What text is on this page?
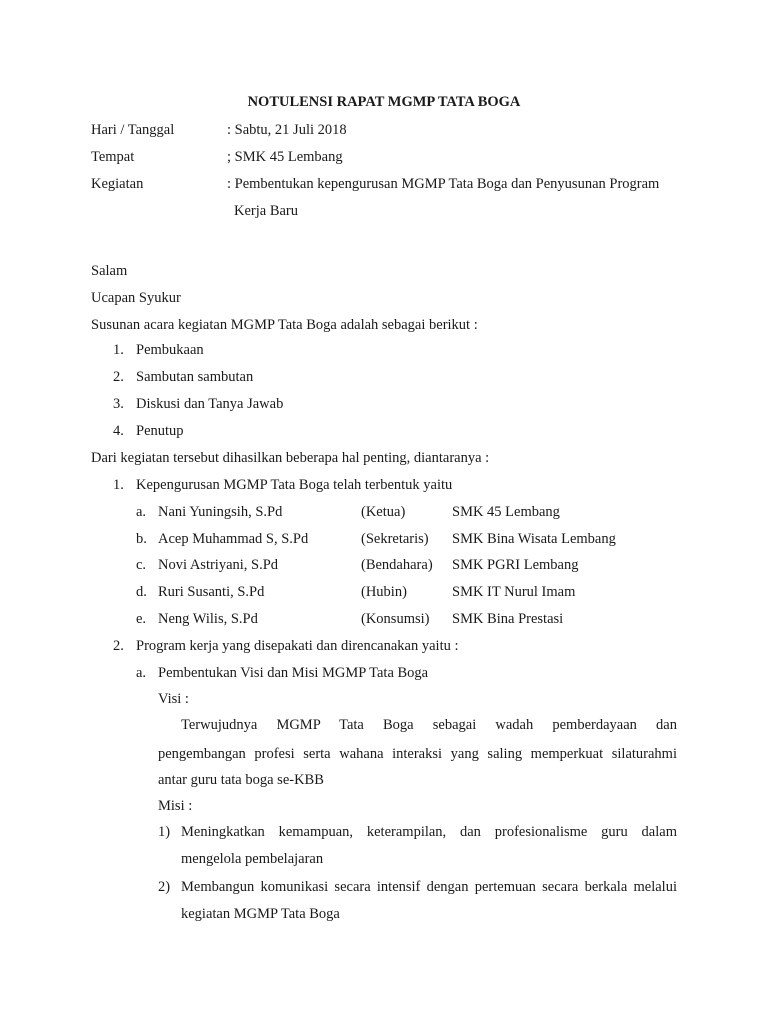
NOTULENSI RAPAT MGMP TATA BOGA
Hari / Tanggal	: Sabtu, 21 Juli 2018
Tempat	; SMK 45 Lembang
Kegiatan	: Pembentukan kepengurusan MGMP Tata Boga dan Penyusunan Program
Kerja Baru
Salam
Ucapan Syukur
Susunan acara kegiatan MGMP Tata Boga adalah sebagai berikut :
1. Pembukaan
2. Sambutan sambutan
3. Diskusi dan Tanya Jawab
4. Penutup
Dari kegiatan tersebut dihasilkan beberapa hal penting, diantaranya :
1. Kepengurusan MGMP Tata Boga telah terbentuk yaitu
a. Nani Yuningsih, S.Pd	(Ketua)	SMK 45 Lembang
b. Acep Muhammad S, S.Pd	(Sekretaris) SMK Bina Wisata Lembang
c. Novi Astriyani, S.Pd	(Bendahara) SMK PGRI Lembang
d. Ruri Susanti, S.Pd	(Hubin)	SMK IT Nurul Imam
e. Neng Wilis, S.Pd	(Konsumsi) SMK Bina Prestasi
2. Program kerja yang disepakati dan direncanakan yaitu :
a. Pembentukan Visi dan Misi MGMP Tata Boga
Visi :
Terwujudnya MGMP Tata Boga sebagai wadah pemberdayaan dan
pengembangan profesi serta wahana interaksi yang saling memperkuat silaturahmi
antar guru tata boga se-KBB
Misi :
1) Meningkatkan kemampuan, keterampilan, dan profesionalisme guru dalam
mengelola pembelajaran
2) Membangun komunikasi secara intensif dengan pertemuan secara berkala melalui
kegiatan MGMP Tata Boga
